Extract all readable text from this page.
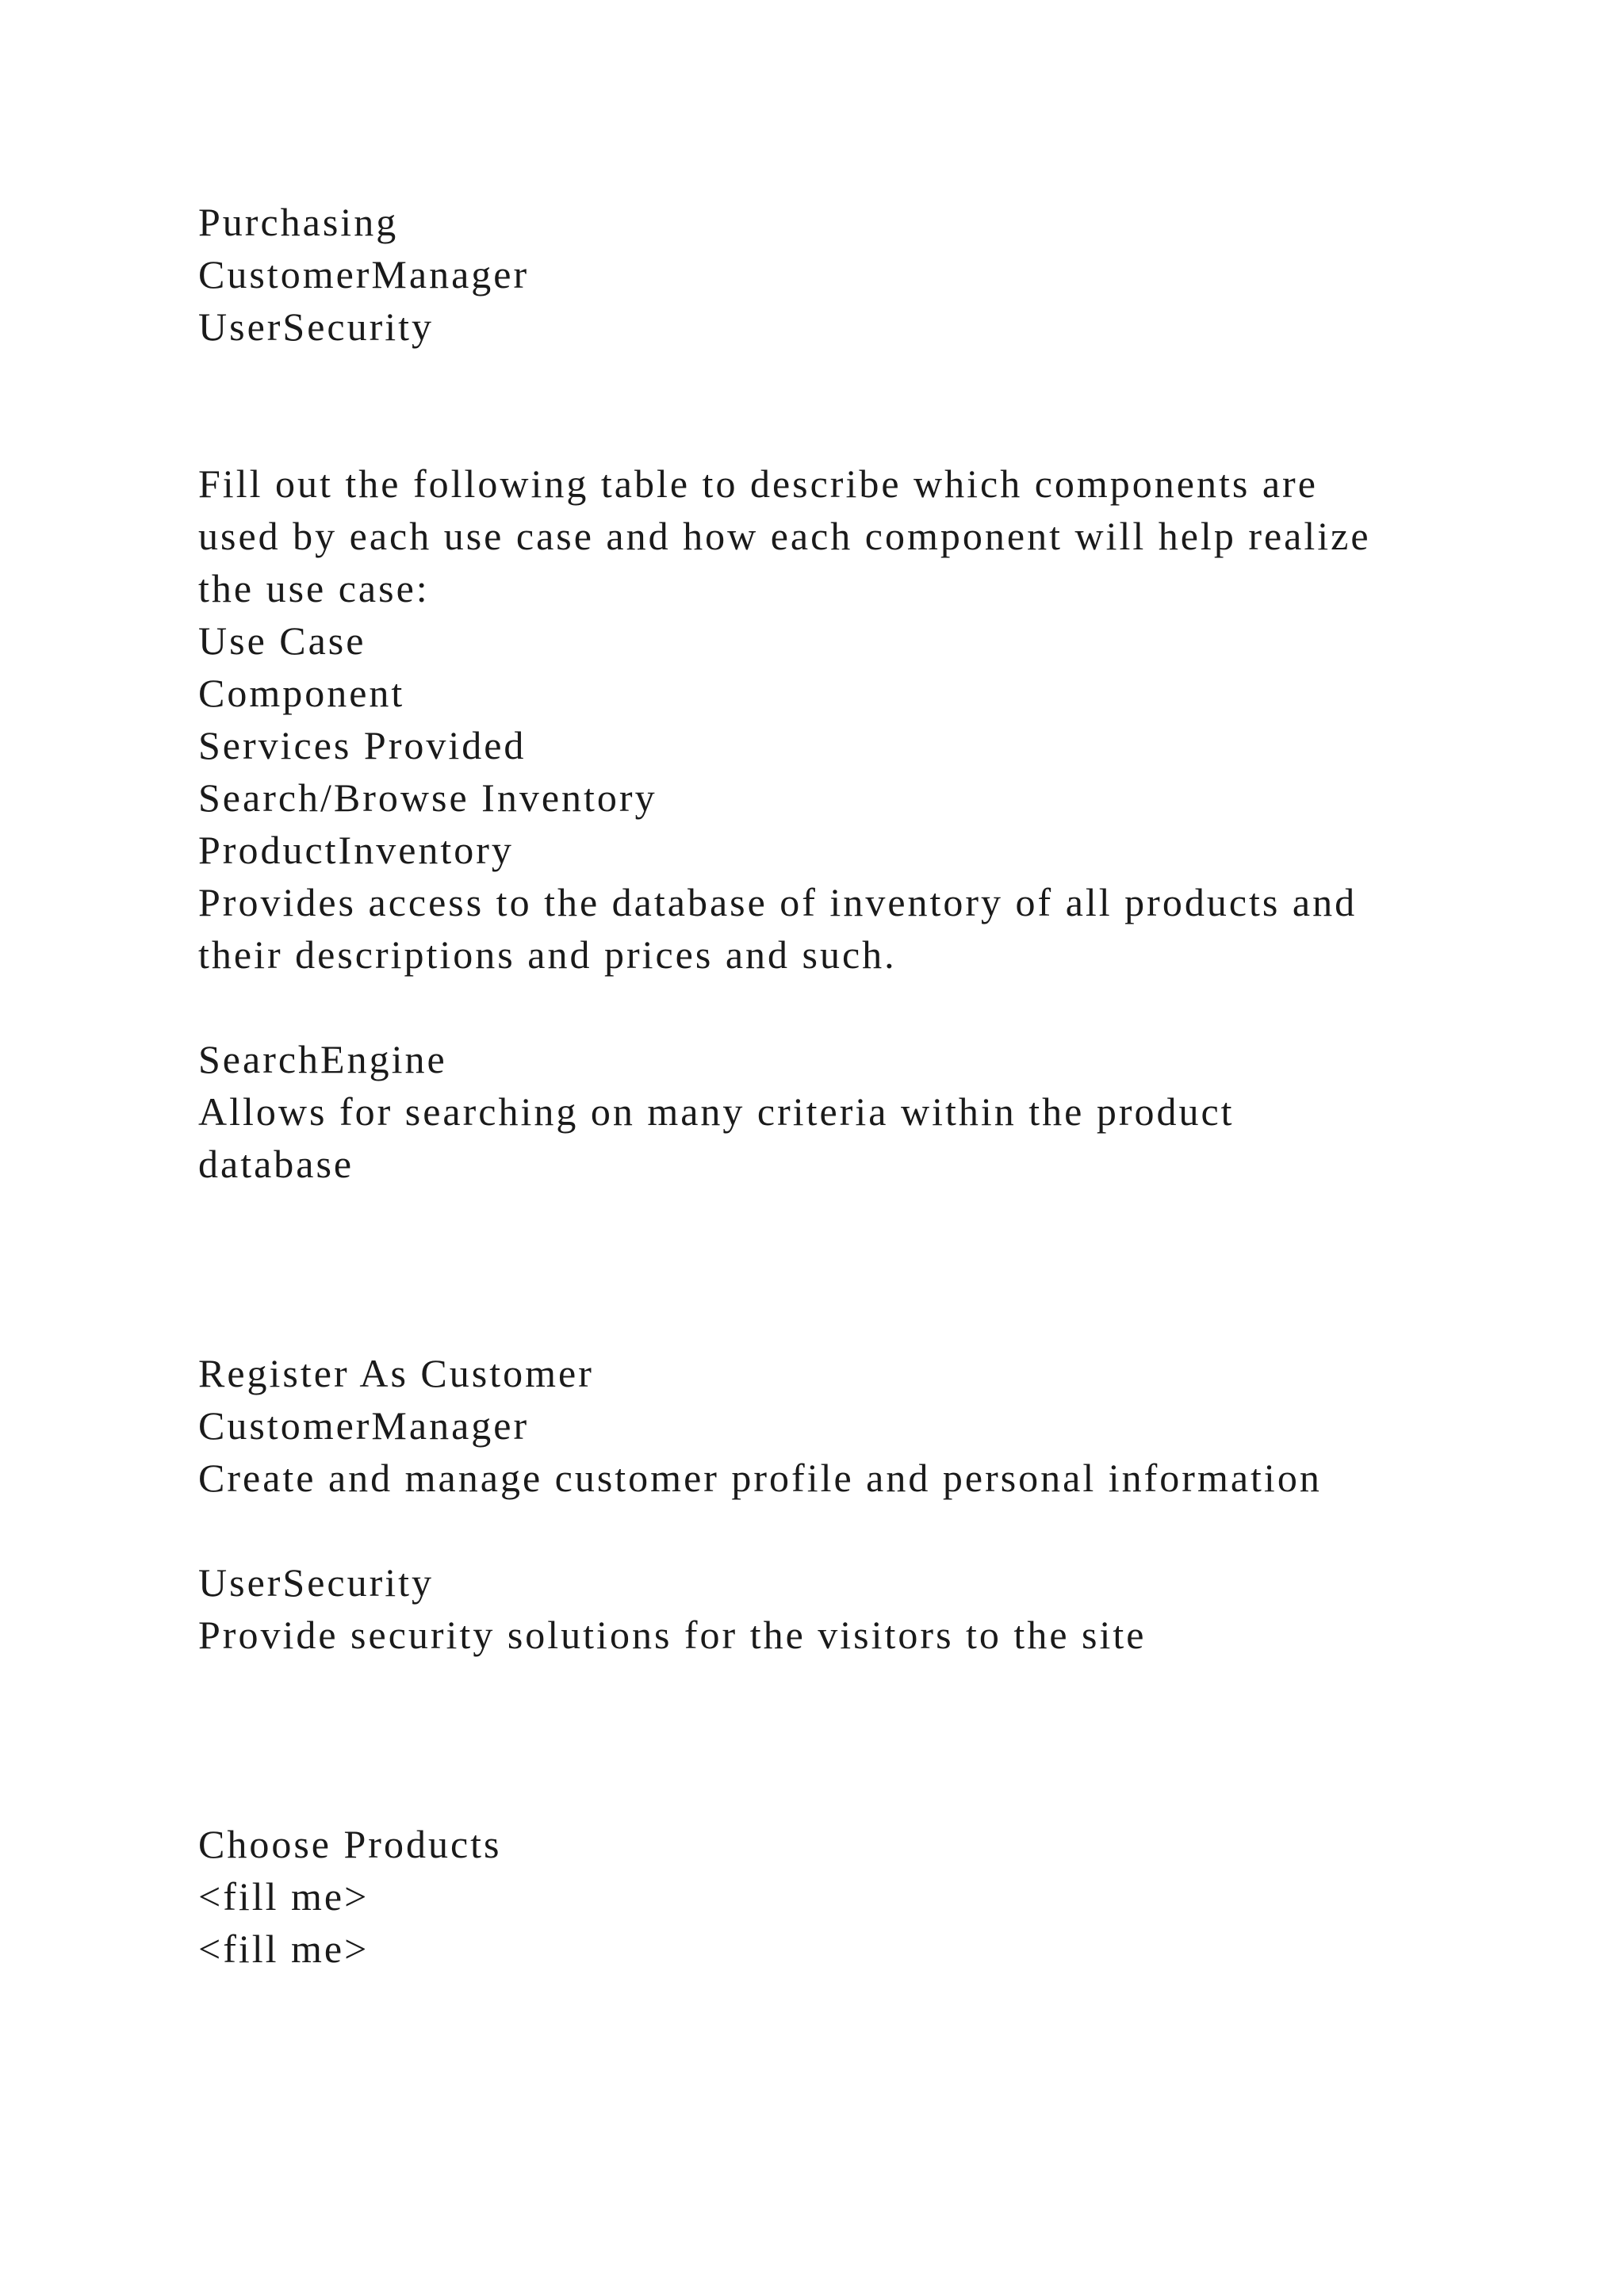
Purchasing
CustomerManager
UserSecurity
Fill out the following table to describe which components are
used by each use case and how each component will help realize
the use case:
Use Case
Component
Services Provided
Search/Browse Inventory
ProductInventory
Provides access to the database of inventory of all products and
their descriptions and prices and such.
SearchEngine
Allows for searching on many criteria within the product
database
Register As Customer
CustomerManager
Create and manage customer profile and personal information
UserSecurity
Provide security solutions for the visitors to the site
Choose Products
<fill me>
<fill me>
